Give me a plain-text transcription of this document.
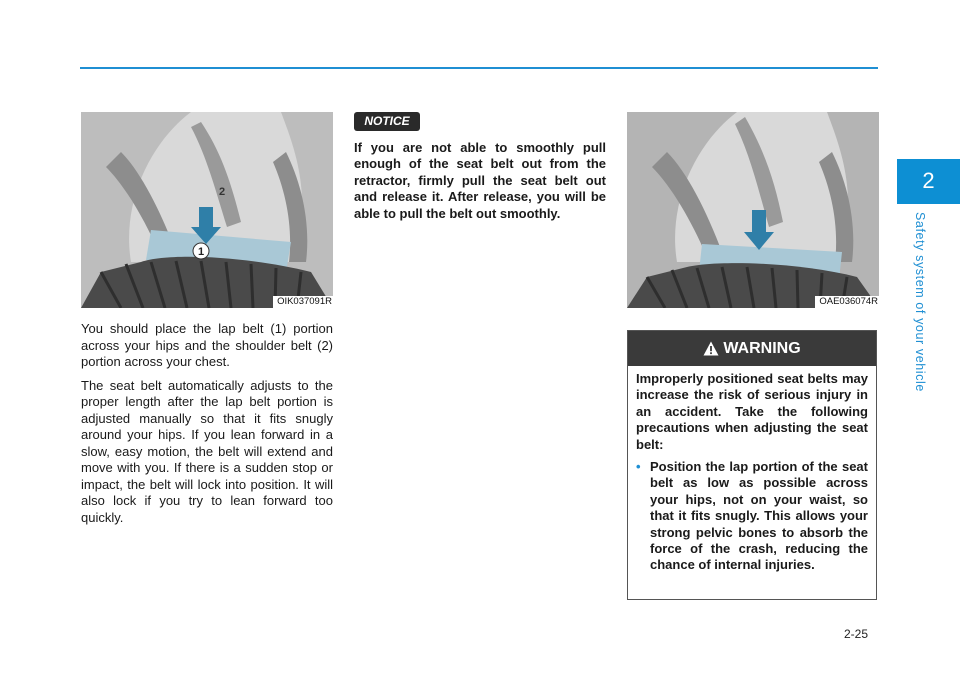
2
Safety system of your vehicle
1
2
OIK037091R

You should place the lap belt (1) portion across your hips and the shoulder belt (2) portion across your chest.

The seat belt automatically adjusts to the proper length after the lap belt portion is adjusted manually so that it fits snugly around your hips. If you lean forward in a slow, easy motion, the belt will extend and move with you. If there is a sudden stop or impact, the belt will lock into position. It will also lock if you try to lean forward too quickly.

NOTICE

If you are not able to smoothly pull enough of the seat belt out from the retractor, firmly pull the seat belt out and release it. After release, you will be able to pull the belt out smoothly.

OAE036074R
WARNING

Improperly positioned seat belts may increase the risk of serious injury in an accident. Take the following precautions when adjusting the seat belt:

• Position the lap portion of the seat belt as low as possible across your hips, not on your waist, so that it fits snugly. This allows your strong pelvic bones to absorb the force of the crash, reducing the chance of internal injuries.
2-25
